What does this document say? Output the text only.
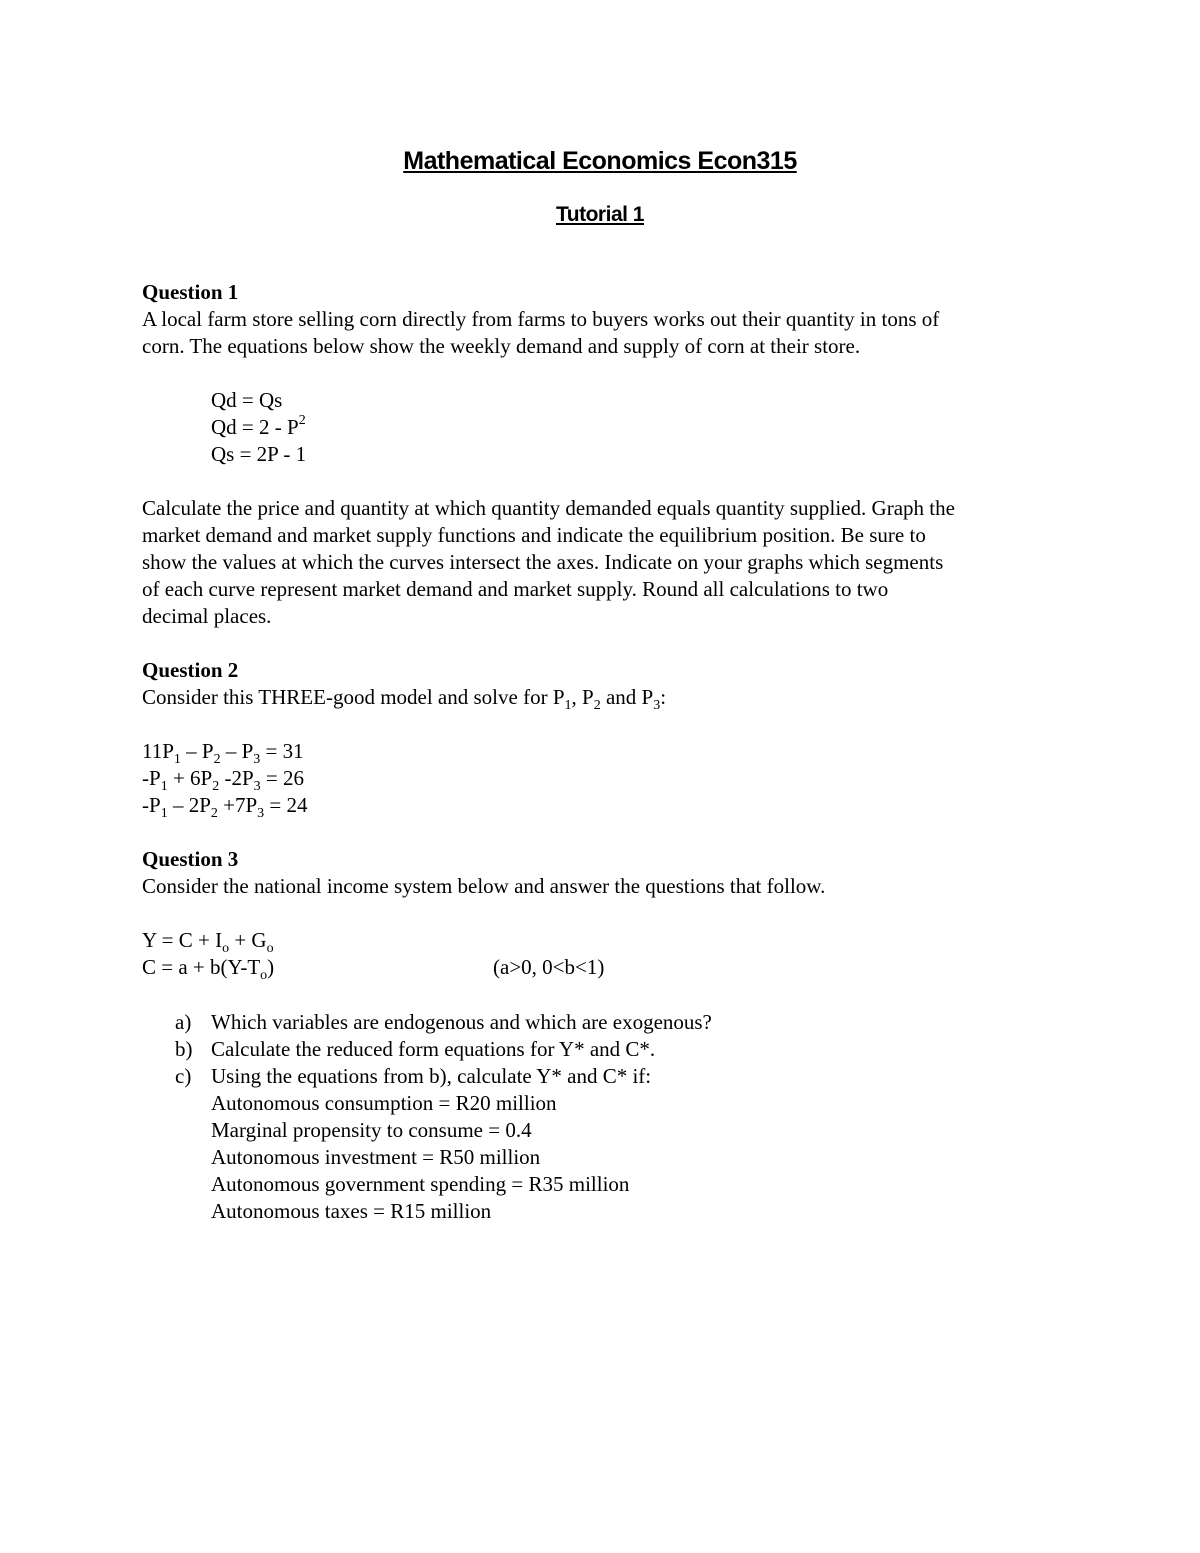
Mathematical Economics Econ315
Tutorial 1
Question 1
A local farm store selling corn directly from farms to buyers works out their quantity in tons of
corn. The equations below show the weekly demand and supply of corn at their store.
Qd = Qs
$Qd = 2 - P^2$
Qs = 2P - 1
Calculate the price and quantity at which quantity demanded equals quantity supplied. Graph the
market demand and market supply functions and indicate the equilibrium position. Be sure to
show the values at which the curves intersect the axes. Indicate on your graphs which segments
of each curve represent market demand and market supply. Round all calculations to two
decimal places.
Question 2
Consider this THREE-good model and solve for $P_1$, $P_2$ and $P_3$:
$11P_1 - P_2 - P_3 = 31$
$-P_1 + 6P_2$ $-2P_3 = 26$
$-P_1 - 2P_2 +7P_3 = 24$
Question 3
Consider the national income system below and answer the questions that follow.
$Y = C + I_o + G_o$
$C = a + b(Y-T_o)$	(a>0, 0<b<1)
a) Which variables are endogenous and which are exogenous?
b) Calculate the reduced form equations for Y* and C*.
c) Using the equations from b), calculate Y* and C* if:
Autonomous consumption = R20 million
Marginal propensity to consume = 0.4
Autonomous investment = R50 million
Autonomous government spending = R35 million
Autonomous taxes = R15 million
